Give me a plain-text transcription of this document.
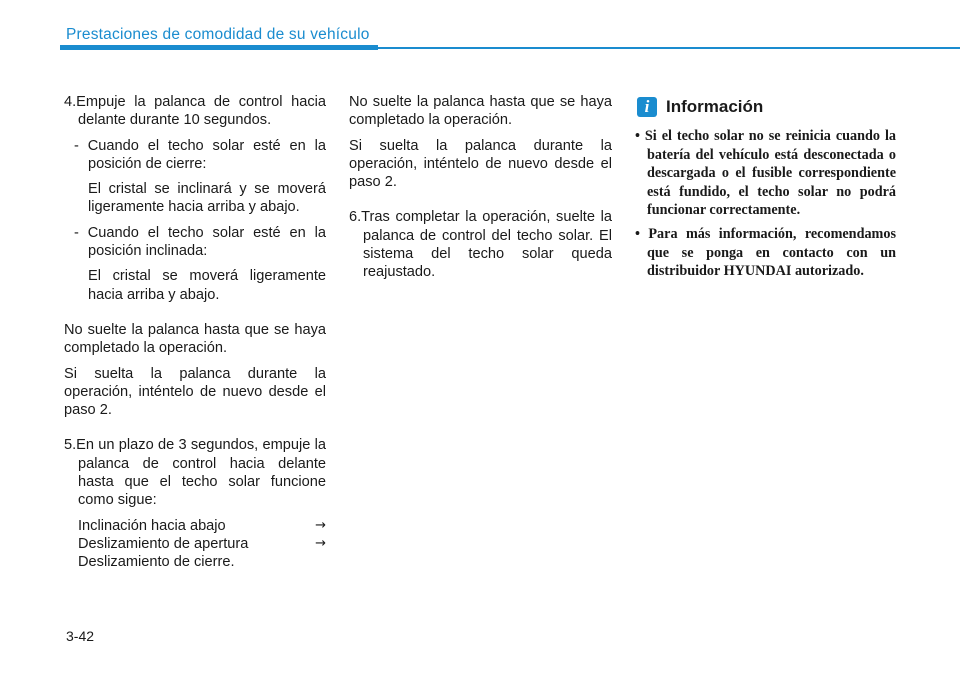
Prestaciones de comodidad de su vehículo

4.Empuje la palanca de control hacia delante durante 10 segundos.

- Cuando el techo solar esté en la posición de cierre:

El cristal se inclinará y se moverá ligeramente hacia arriba y abajo.

- Cuando el techo solar esté en la posición inclinada:

El cristal se moverá ligeramente hacia arriba y abajo.

No suelte la palanca hasta que se haya completado la operación.

Si suelta la palanca durante la operación, inténtelo de nuevo desde el paso 2.

5.En un plazo de 3 segundos, empuje la palanca de control hacia delante hasta que el techo solar funcione como sigue:

Inclinación hacia abajo	→
Deslizamiento de apertura	→
Deslizamiento de cierre.

No suelte la palanca hasta que se haya completado la operación.

Si suelta la palanca durante la operación, inténtelo de nuevo desde el paso 2.

6.Tras completar la operación, suelte la palanca de control del techo solar. El sistema del techo solar queda reajustado.

i Información

• Si el techo solar no se reinicia cuando la batería del vehículo está desconectada o descargada o el fusible correspondiente está fundido, el techo solar no podrá funcionar correctamente.

• Para más información, recomendamos que se ponga en contacto con un distribuidor HYUNDAI autorizado.

3-42
